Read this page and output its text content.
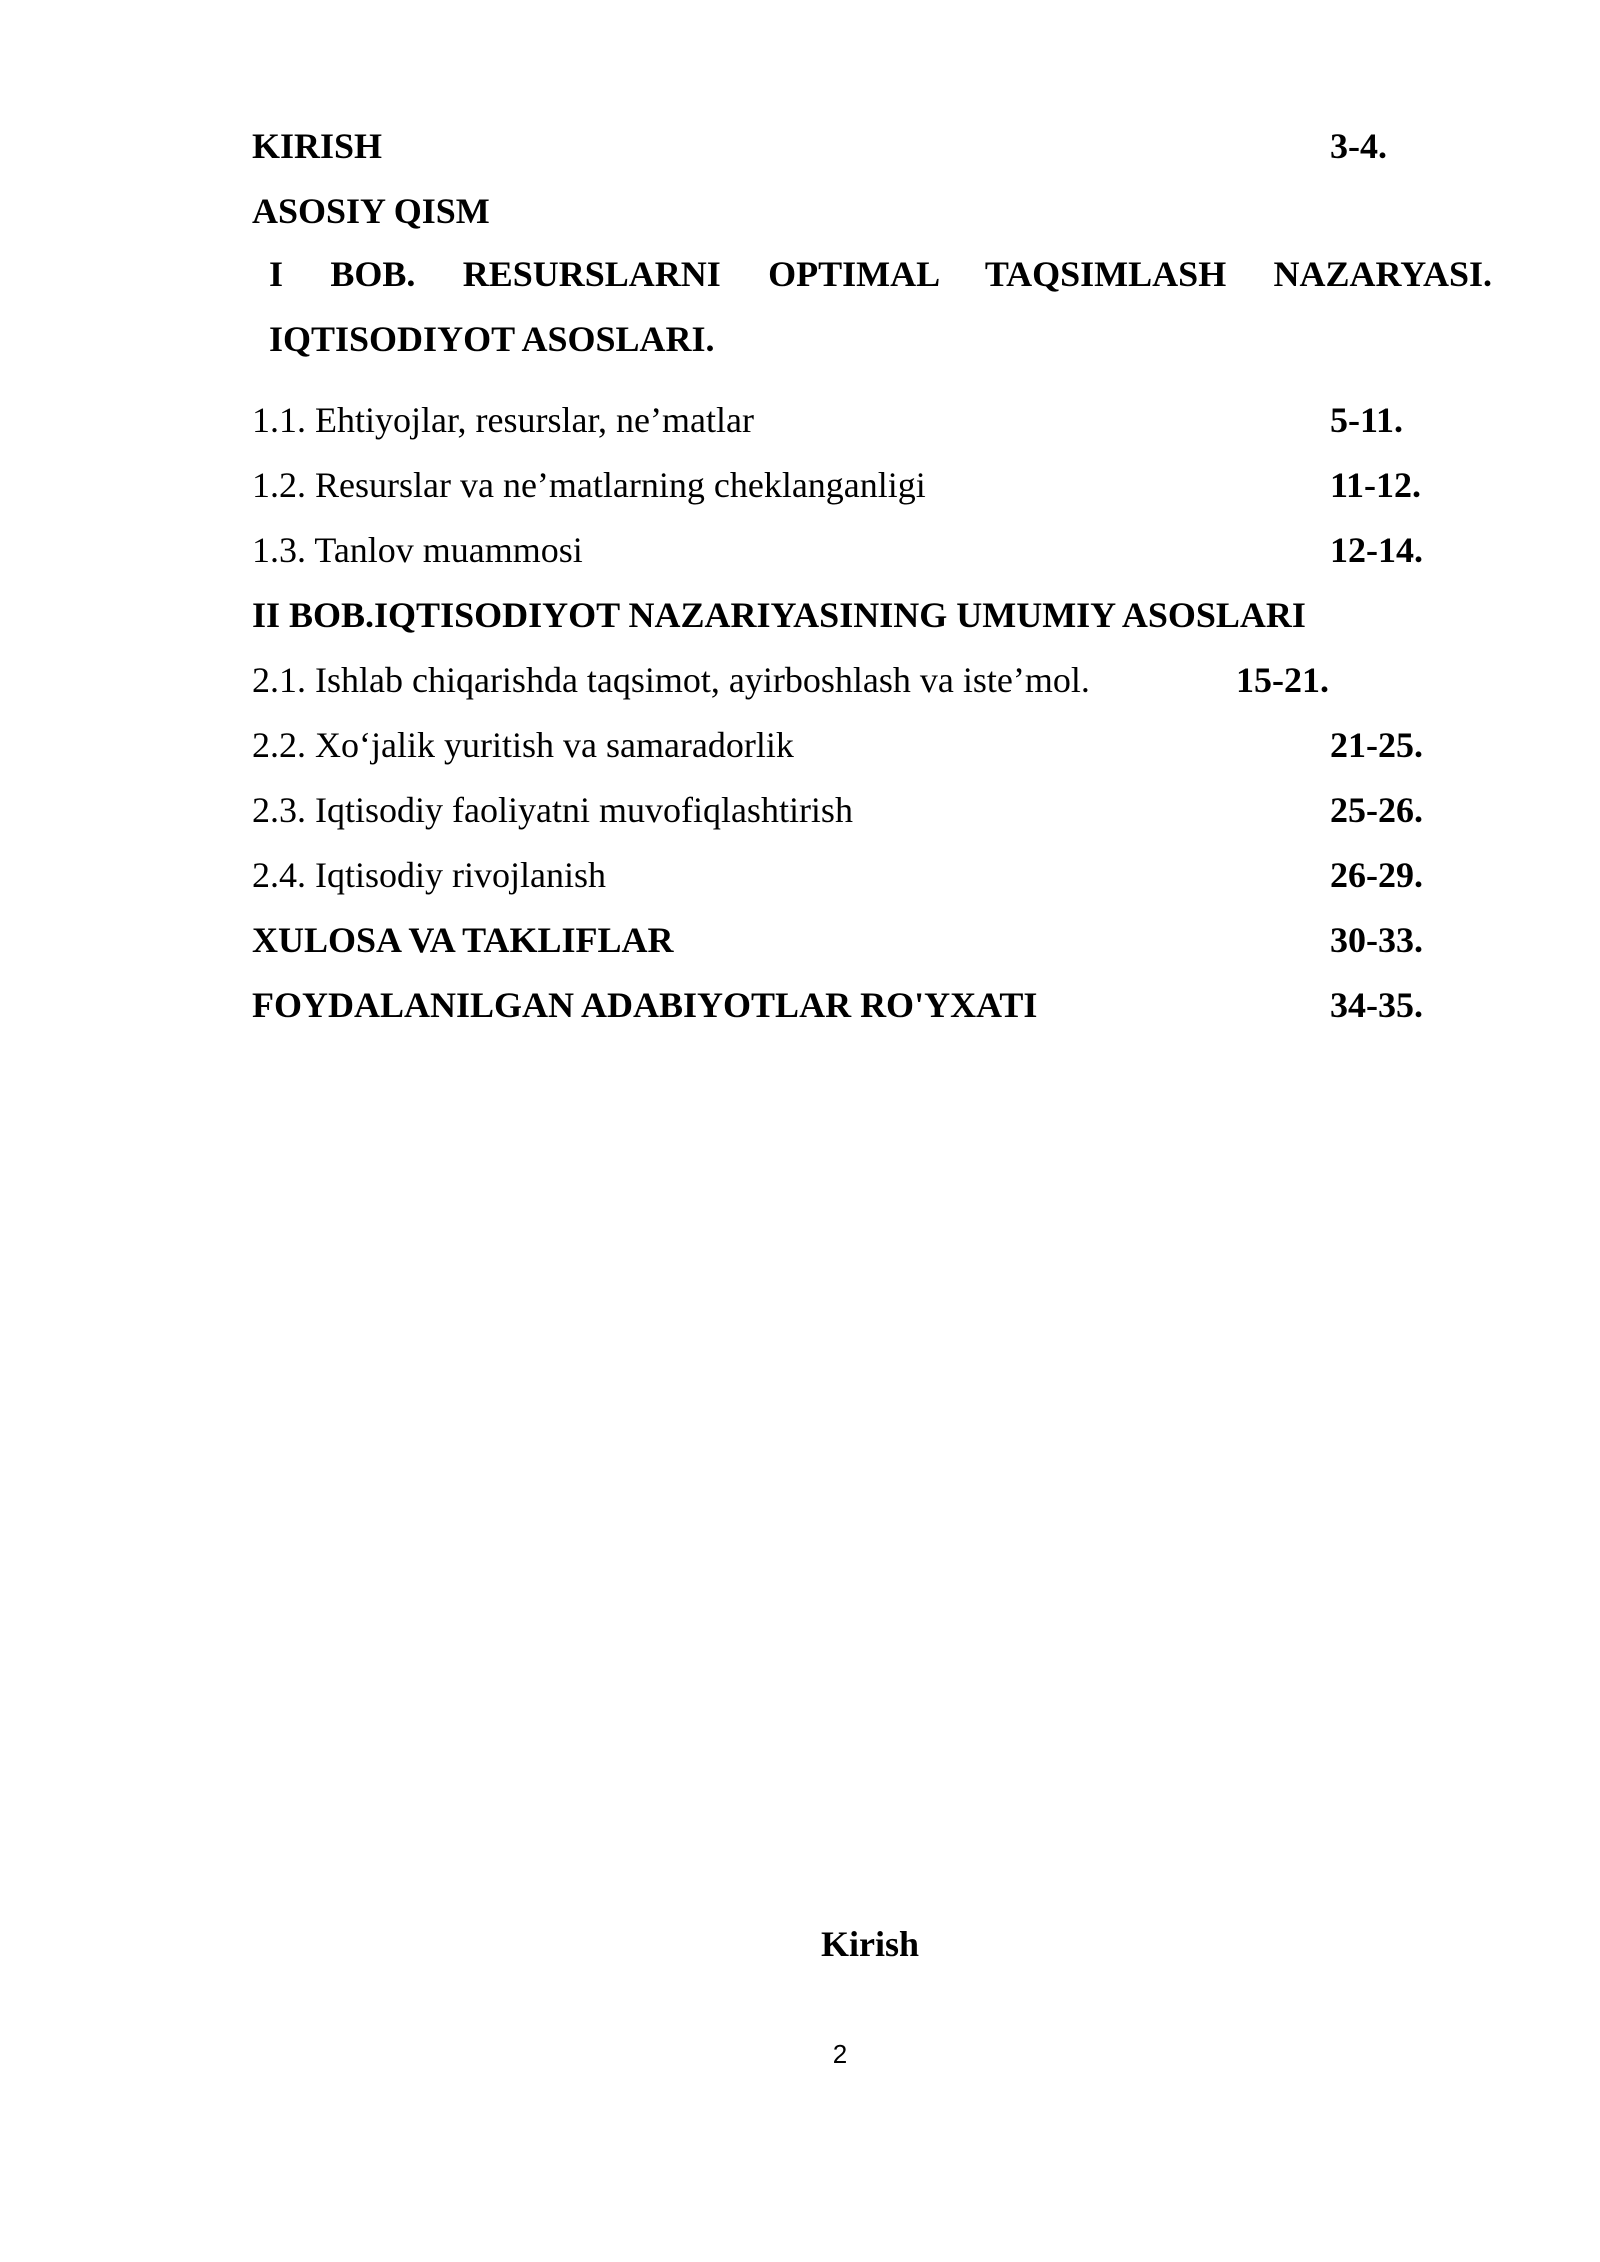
KIRISH	3-4.
ASOSIY QISM
I BOB. RESURSLARNI OPTIMAL TAQSIMLASH NAZARYASI.
IQTISODIYOT ASOSLARI.
1.1. Ehtiyojlar, resurslar, ne’matlar	5-11.
1.2. Resurslar va ne’matlarning cheklanganligi	11-12.
1.3. Tanlov muammosi	12-14.
II BOB.IQTISODIYOT NAZARIYASINING UMUMIY ASOSLARI
2.1. Ishlab chiqarishda taqsimot, ayirboshlash va iste’mol.	15-21.
2.2. Xo‘jalik yuritish va samaradorlik	21-25.
2.3. Iqtisodiy faoliyatni muvofiqlashtirish	25-26.
2.4. Iqtisodiy rivojlanish	26-29.
XULOSA VA TAKLIFLAR	30-33.
FOYDALANILGAN ADABIYOTLAR RO'YXATI	34-35.
Kirish
2
